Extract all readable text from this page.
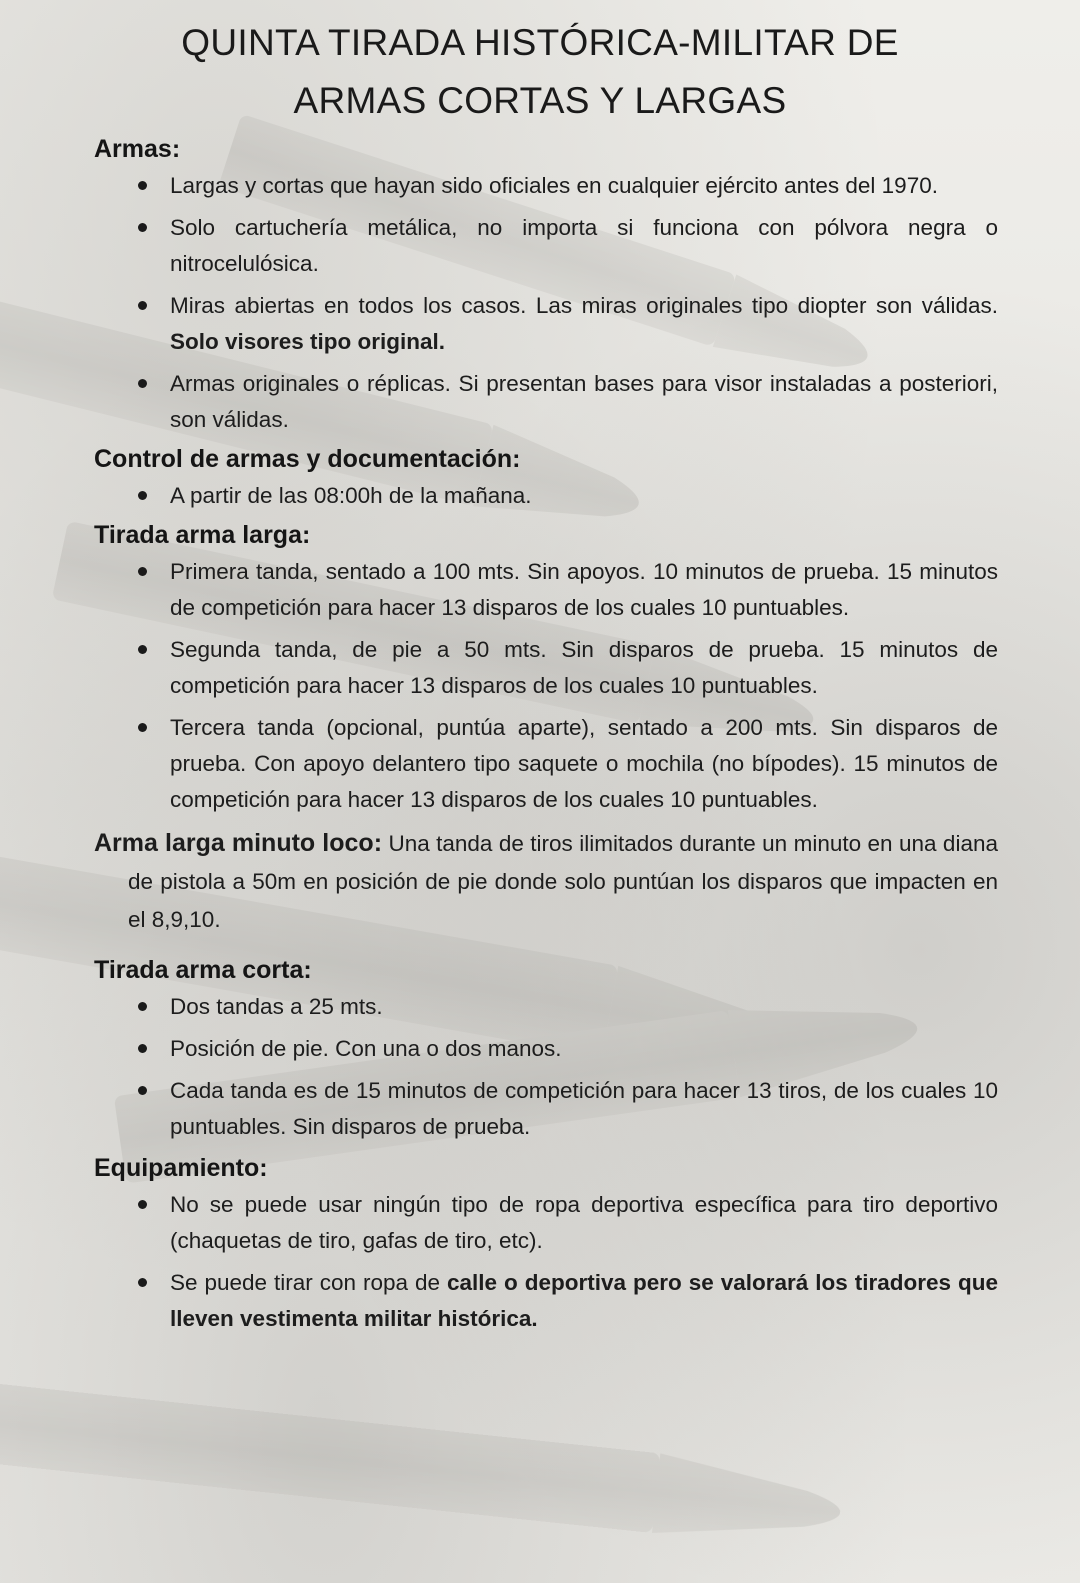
QUINTA TIRADA HISTÓRICA-MILITAR DE
ARMAS CORTAS Y LARGAS
Armas:
Largas y cortas que hayan sido oficiales en cualquier ejército antes del 1970.
Solo cartuchería metálica, no importa si funciona con pólvora negra o nitrocelulósica.
Miras abiertas en todos los casos. Las miras originales tipo diopter son válidas. Solo visores tipo original.
Armas originales o réplicas. Si presentan bases para visor instaladas a posteriori, son válidas.
Control de armas y documentación:
A partir de las 08:00h de la mañana.
Tirada arma larga:
Primera tanda, sentado a 100 mts. Sin apoyos. 10 minutos de prueba. 15 minutos de competición para hacer 13 disparos de los cuales 10 puntuables.
Segunda tanda, de pie a 50 mts. Sin disparos de prueba. 15 minutos de competición para hacer 13 disparos de los cuales 10 puntuables.
Tercera tanda (opcional, puntúa aparte), sentado a 200 mts. Sin disparos de prueba. Con apoyo delantero tipo saquete o mochila (no bípodes). 15 minutos de competición para hacer 13 disparos de los cuales 10 puntuables.
Arma larga minuto loco: Una tanda de tiros ilimitados durante un minuto en una diana de pistola a 50m en posición de pie donde solo puntúan los disparos que impacten en el 8,9,10.
Tirada arma corta:
Dos tandas a 25 mts.
Posición de pie. Con una o dos manos.
Cada tanda es de 15 minutos de competición para hacer 13 tiros, de los cuales 10 puntuables. Sin disparos de prueba.
Equipamiento:
No se puede usar ningún tipo de ropa deportiva específica para tiro deportivo (chaquetas de tiro, gafas de tiro, etc).
Se puede tirar con ropa de calle o deportiva pero se valorará los tiradores que lleven vestimenta militar histórica.
